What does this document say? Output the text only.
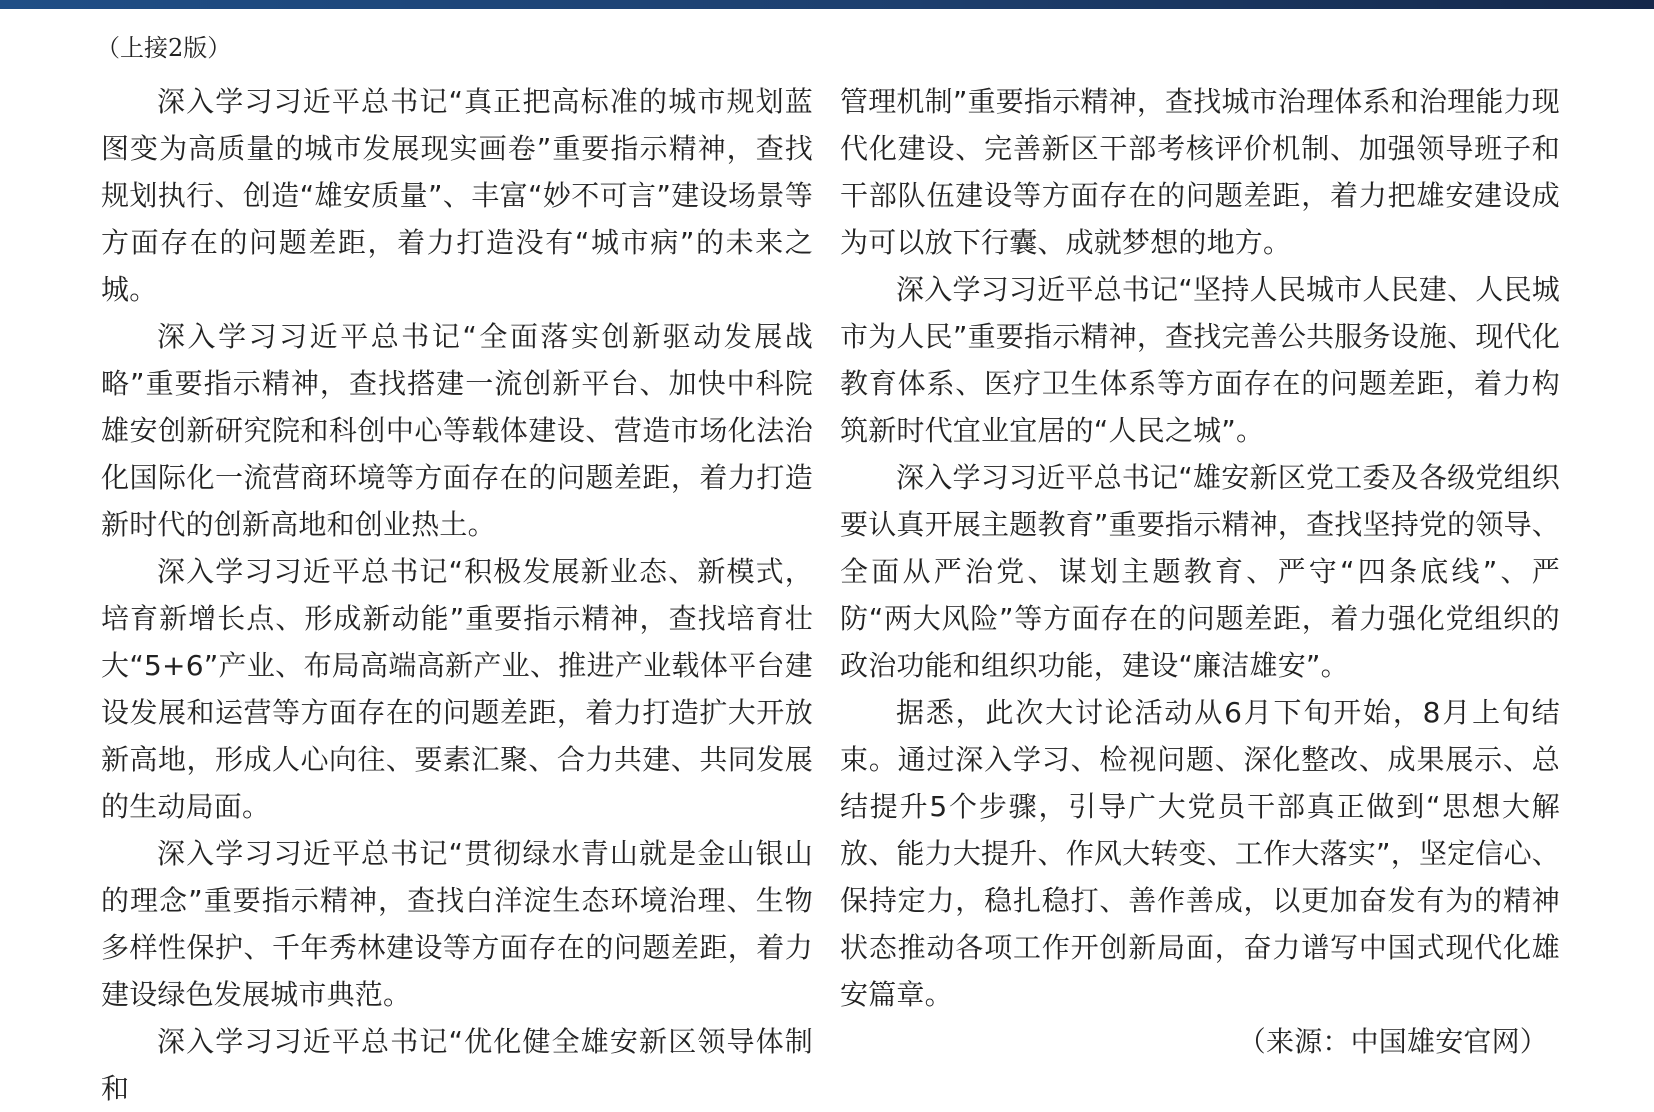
（上接2版）

深入学习习近平总书记“真正把高标准的城市规划蓝图变为高质量的城市发展现实画卷”重要指示精神，查找规划执行、创造“雄安质量”、丰富“妙不可言”建设场景等方面存在的问题差距，着力打造没有“城市病”的未来之城。

深入学习习近平总书记“全面落实创新驱动发展战略”重要指示精神，查找搭建一流创新平台、加快中科院雄安创新研究院和科创中心等载体建设、营造市场化法治化国际化一流营商环境等方面存在的问题差距，着力打造新时代的创新高地和创业热土。

深入学习习近平总书记“积极发展新业态、新模式，培育新增长点、形成新动能”重要指示精神，查找培育壮大“5+6”产业、布局高端高新产业、推进产业载体平台建设发展和运营等方面存在的问题差距，着力打造扩大开放新高地，形成人心向往、要素汇聚、合力共建、共同发展的生动局面。

深入学习习近平总书记“贯彻绿水青山就是金山银山的理念”重要指示精神，查找白洋淀生态环境治理、生物多样性保护、千年秀林建设等方面存在的问题差距，着力建设绿色发展城市典范。

深入学习习近平总书记“优化健全雄安新区领导体制和

管理机制”重要指示精神，查找城市治理体系和治理能力现代化建设、完善新区干部考核评价机制、加强领导班子和干部队伍建设等方面存在的问题差距，着力把雄安建设成为可以放下行囊、成就梦想的地方。

深入学习习近平总书记“坚持人民城市人民建、人民城市为人民”重要指示精神，查找完善公共服务设施、现代化教育体系、医疗卫生体系等方面存在的问题差距，着力构筑新时代宜业宜居的“人民之城”。

深入学习习近平总书记“雄安新区党工委及各级党组织要认真开展主题教育”重要指示精神，查找坚持党的领导、全面从严治党、谋划主题教育、严守“四条底线”、严防“两大风险”等方面存在的问题差距，着力强化党组织的政治功能和组织功能，建设“廉洁雄安”。

据悉，此次大讨论活动从6月下旬开始，8月上旬结束。通过深入学习、检视问题、深化整改、成果展示、总结提升5个步骤，引导广大党员干部真正做到“思想大解放、能力大提升、作风大转变、工作大落实”，坚定信心、保持定力，稳扎稳打、善作善成，以更加奋发有为的精神状态推动各项工作开创新局面，奋力谱写中国式现代化雄安篇章。

（来源：中国雄安官网）
